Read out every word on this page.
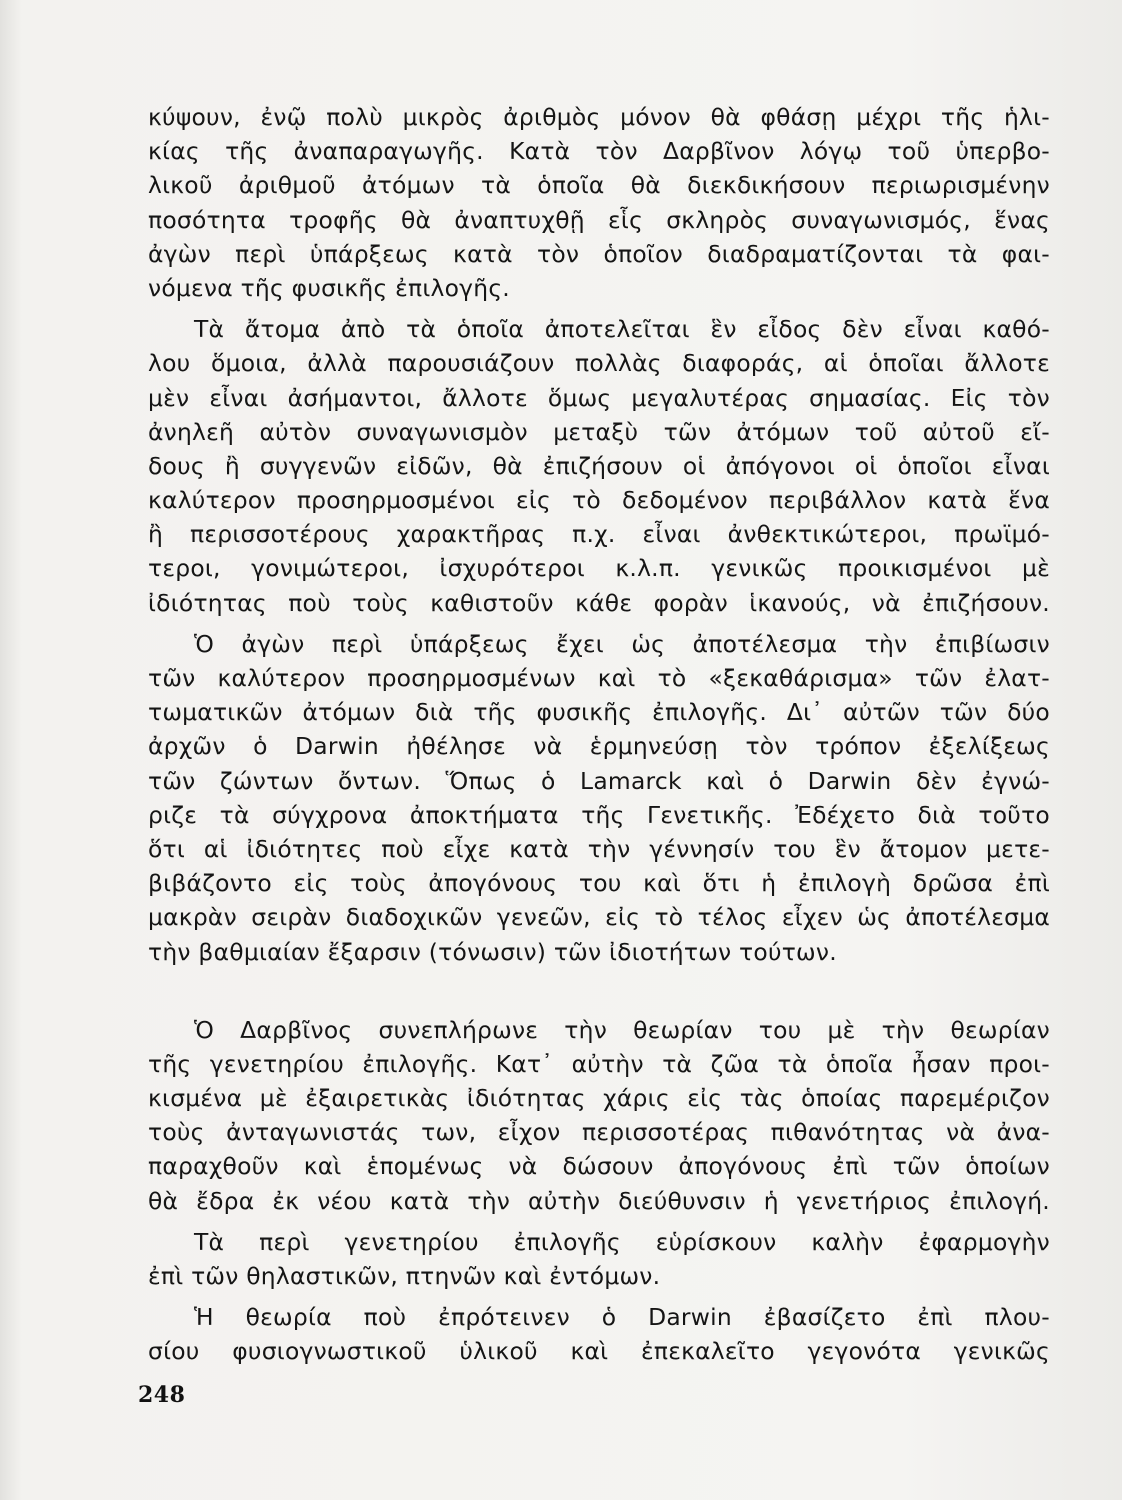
κύψουν, ἐνῷ πολὺ μικρὸς ἀριθμὸς μόνον θὰ φθάσῃ μέχρι τῆς ἡλι-
κίας τῆς ἀναπαραγωγῆς. Κατὰ τὸν Δαρβῖνον λόγῳ τοῦ ὑπερβο-
λικοῦ ἀριθμοῦ ἀτόμων τὰ ὁποῖα θὰ διεκδικήσουν περιωρισμένην
ποσότητα τροφῆς θὰ ἀναπτυχθῇ εἷς σκληρὸς συναγωνισμός, ἕνας
ἀγὼν περὶ ὑπάρξεως κατὰ τὸν ὁποῖον διαδραματίζονται τὰ φαι-
νόμενα τῆς φυσικῆς ἐπιλογῆς.
Τὰ ἄτομα ἀπὸ τὰ ὁποῖα ἀποτελεῖται ἓν εἶδος δὲν εἶναι καθό-
λου ὅμοια, ἀλλὰ παρουσιάζουν πολλὰς διαφοράς, αἱ ὁποῖαι ἄλλοτε
μὲν εἶναι ἀσήμαντοι, ἄλλοτε ὅμως μεγαλυτέρας σημασίας. Εἰς τὸν
ἀνηλεῆ αὐτὸν συναγωνισμὸν μεταξὺ τῶν ἀτόμων τοῦ αὐτοῦ εἴ-
δους ἢ συγγενῶν εἰδῶν, θὰ ἐπιζήσουν οἱ ἀπόγονοι οἱ ὁποῖοι εἶναι
καλύτερον προσηρμοσμένοι εἰς τὸ δεδομένον περιβάλλον κατὰ ἕνα
ἢ περισσοτέρους χαρακτῆρας π.χ. εἶναι ἀνθεκτικώτεροι, πρωϊμό-
τεροι, γονιμώτεροι, ἰσχυρότεροι κ.λ.π. γενικῶς προικισμένοι μὲ
ἰδιότητας ποὺ τοὺς καθιστοῦν κάθε φορὰν ἱκανούς, νὰ ἐπιζήσουν.
Ὁ ἀγὼν περὶ ὑπάρξεως ἔχει ὡς ἀποτέλεσμα τὴν ἐπιβίωσιν
τῶν καλύτερον προσηρμοσμένων καὶ τὸ «ξεκαθάρισμα» τῶν ἐλατ-
τωματικῶν ἀτόμων διὰ τῆς φυσικῆς ἐπιλογῆς. Δι᾽ αὐτῶν τῶν δύο
ἀρχῶν ὁ Darwin ἠθέλησε νὰ ἑρμηνεύσῃ τὸν τρόπον ἐξελίξεως
τῶν ζώντων ὄντων. Ὅπως ὁ Lamarck καὶ ὁ Darwin δὲν ἐγνώ-
ριζε τὰ σύγχρονα ἀποκτήματα τῆς Γενετικῆς. Ἐδέχετο διὰ τοῦτο
ὅτι αἱ ἰδιότητες ποὺ εἶχε κατὰ τὴν γέννησίν του ἓν ἄτομον μετε-
βιβάζοντο εἰς τοὺς ἀπογόνους του καὶ ὅτι ἡ ἐπιλογὴ δρῶσα ἐπὶ
μακρὰν σειρὰν διαδοχικῶν γενεῶν, εἰς τὸ τέλος εἶχεν ὡς ἀποτέλεσμα
τὴν βαθμιαίαν ἔξαρσιν (τόνωσιν) τῶν ἰδιοτήτων τούτων.
Ὁ Δαρβῖνος συνεπλήρωνε τὴν θεωρίαν του μὲ τὴν θεωρίαν
τῆς γενετηρίου ἐπιλογῆς. Κατ᾽ αὐτὴν τὰ ζῶα τὰ ὁποῖα ἦσαν προι-
κισμένα μὲ ἐξαιρετικὰς ἰδιότητας χάρις εἰς τὰς ὁποίας παρεμέριζον
τοὺς ἀνταγωνιστάς των, εἶχον περισσοτέρας πιθανότητας νὰ ἀνα-
παραχθοῦν καὶ ἑπομένως νὰ δώσουν ἀπογόνους ἐπὶ τῶν ὁποίων
θὰ ἔδρα ἐκ νέου κατὰ τὴν αὐτὴν διεύθυνσιν ἡ γενετήριος ἐπιλογή.
Τὰ περὶ γενετηρίου ἐπιλογῆς εὑρίσκουν καλὴν ἐφαρμογὴν
ἐπὶ τῶν θηλαστικῶν, πτηνῶν καὶ ἐντόμων.
Ἡ θεωρία ποὺ ἐπρότεινεν ὁ Darwin ἐβασίζετο ἐπὶ πλου-
σίου φυσιογνωστικοῦ ὑλικοῦ καὶ ἐπεκαλεῖτο γεγονότα γενικῶς
248
